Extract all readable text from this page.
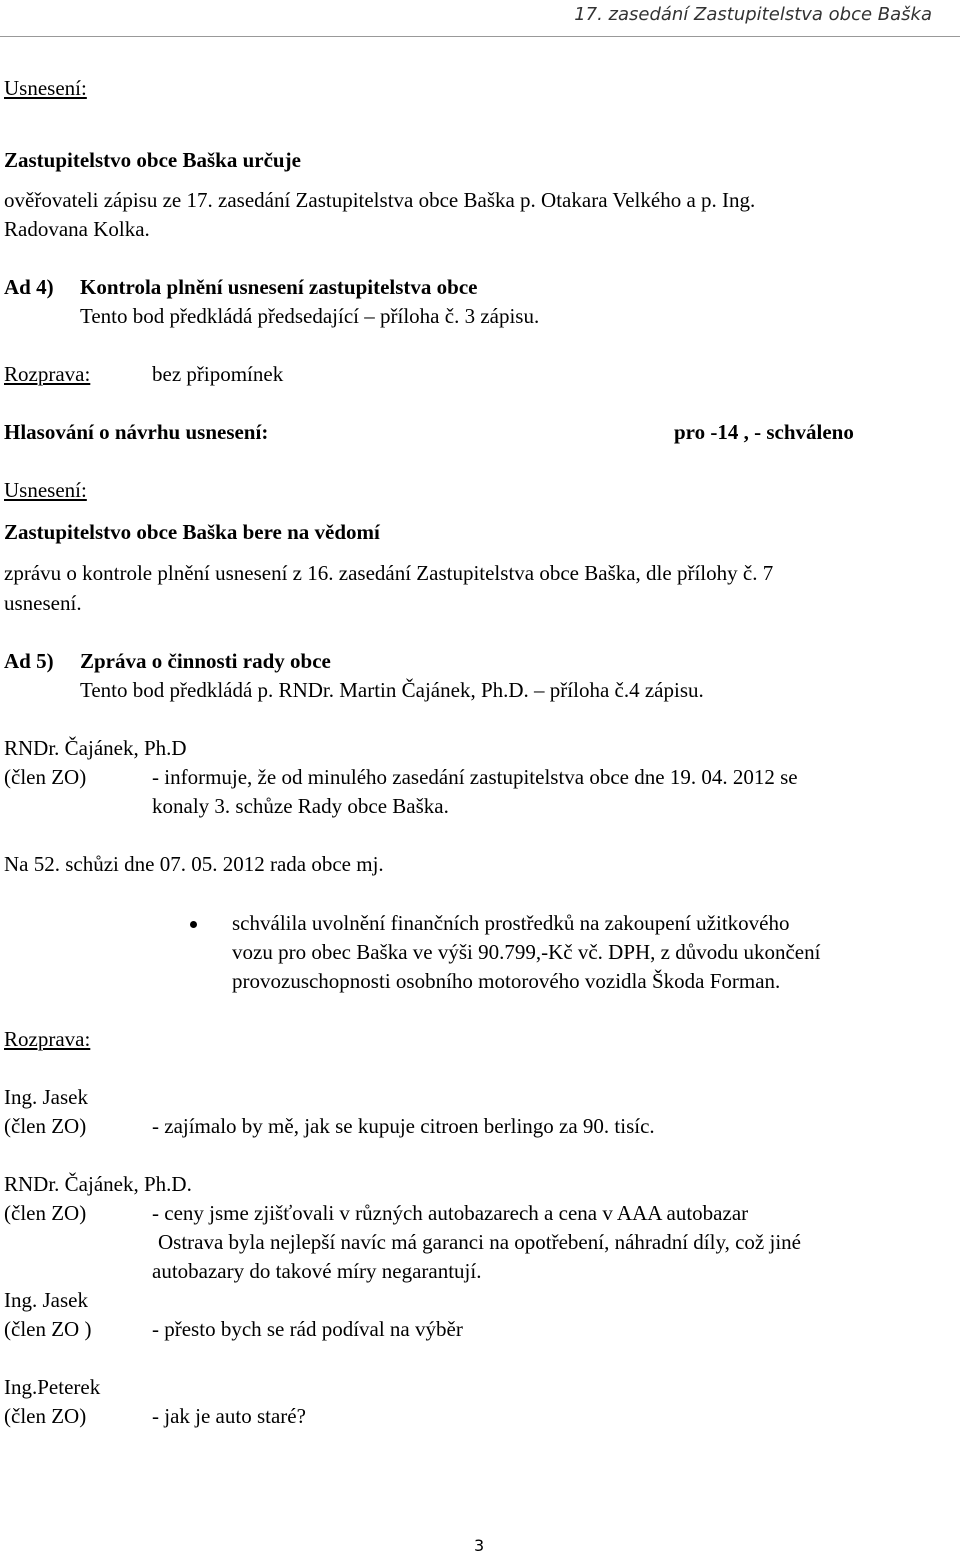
17. zasedání Zastupitelstva obce Baška
Usnesení:
Zastupitelstvo obce Baška určuje
ověřovateli zápisu ze 17. zasedání Zastupitelstva obce Baška p. Otakara Velkého a p. Ing.
Radovana Kolka.
Ad 4) Kontrola plnění usnesení zastupitelstva obce
Tento bod předkládá předsedající – příloha č. 3 zápisu.
Rozprava:	bez připomínek
Hlasování o návrhu usnesení:	pro -14 , - schváleno
Usnesení:
Zastupitelstvo obce Baška bere na vědomí
zprávu o kontrole plnění usnesení z 16. zasedání Zastupitelstva obce Baška, dle přílohy č. 7
usnesení.
Ad 5) Zpráva o činnosti rady obce
Tento bod předkládá p. RNDr. Martin Čajánek, Ph.D. – příloha č.4 zápisu.
RNDr. Čajánek, Ph.D
(člen ZO)	- informuje, že od minulého zasedání zastupitelstva obce dne 19. 04. 2012 se
konaly 3. schůze Rady obce Baška.
Na 52. schůzi dne 07. 05. 2012 rada obce mj.
schválila uvolnění finančních prostředků na zakoupení užitkového
vozu pro obec Baška ve výši 90.799,-Kč vč. DPH, z důvodu ukončení
provozuschopnosti osobního motorového vozidla Škoda Forman.
Rozprava:
Ing. Jasek
(člen ZO)	- zajímalo by mě, jak se kupuje citroen berlingo za 90. tisíc.
RNDr. Čajánek, Ph.D.
(člen ZO)	- ceny jsme zjišťovali v různých autobazarech a cena v AAA autobazar
Ostrava byla nejlepší navíc má garanci na opotřebení, náhradní díly, což jiné
autobazary do takové míry negarantují.
Ing. Jasek
(člen ZO )	- přesto bych se rád podíval na výběr
Ing.Peterek
(člen ZO)	- jak je auto staré?
3
